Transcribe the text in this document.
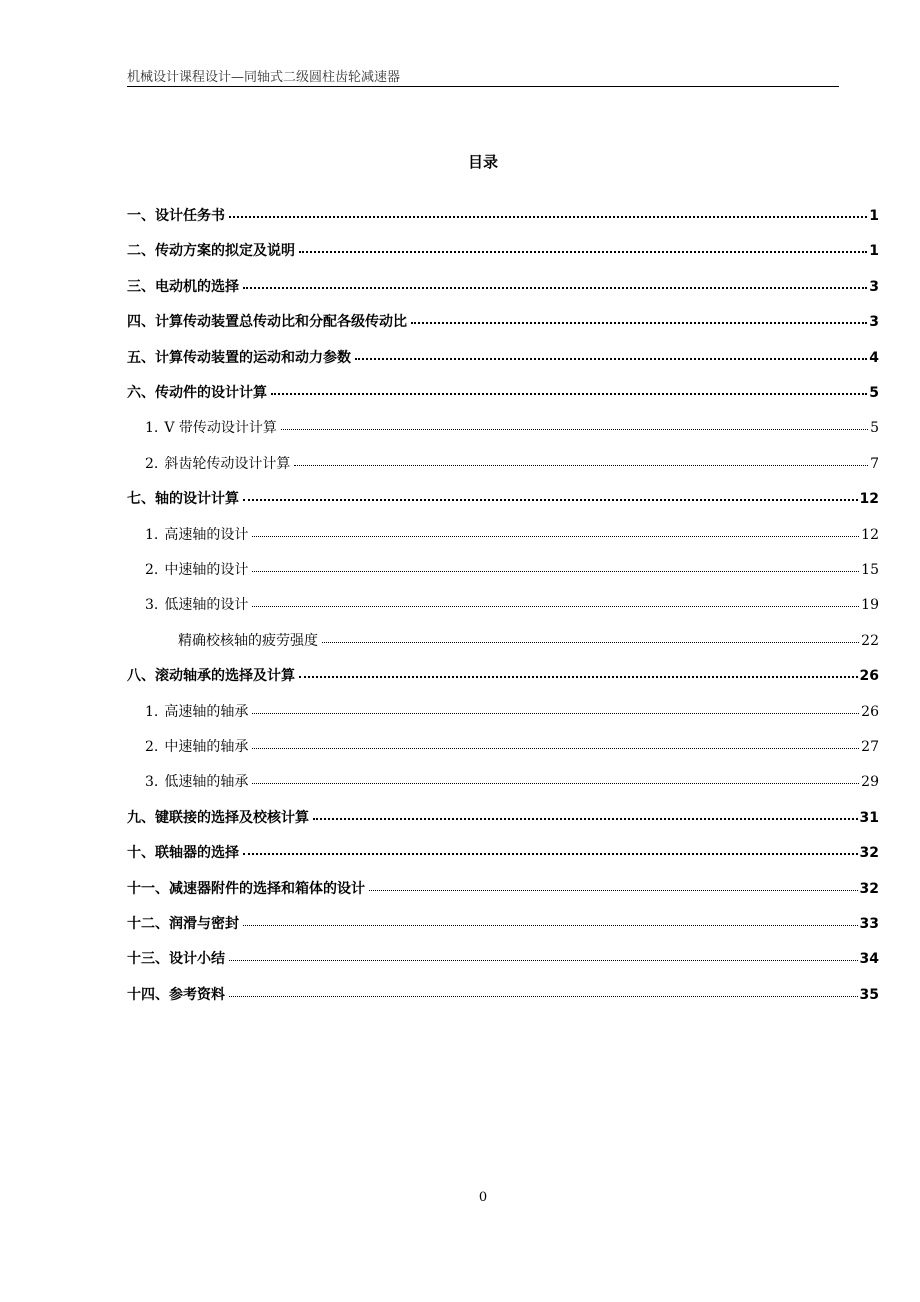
机械设计课程设计—同轴式二级圆柱齿轮减速器
目录
一、设计任务书	1
二、传动方案的拟定及说明	1
三、电动机的选择	3
四、计算传动装置总传动比和分配各级传动比	3
五、计算传动装置的运动和动力参数	4
六、传动件的设计计算	5
1. V 带传动设计计算	5
2. 斜齿轮传动设计计算	7
七、轴的设计计算	12
1. 高速轴的设计	12
2. 中速轴的设计	15
3. 低速轴的设计	19
精确校核轴的疲劳强度	22
八、滚动轴承的选择及计算	26
1. 高速轴的轴承	26
2. 中速轴的轴承	27
3. 低速轴的轴承	29
九、键联接的选择及校核计算	31
十、联轴器的选择	32
十一、减速器附件的选择和箱体的设计	32
十二、润滑与密封	33
十三、设计小结	34
十四、参考资料	35
0
